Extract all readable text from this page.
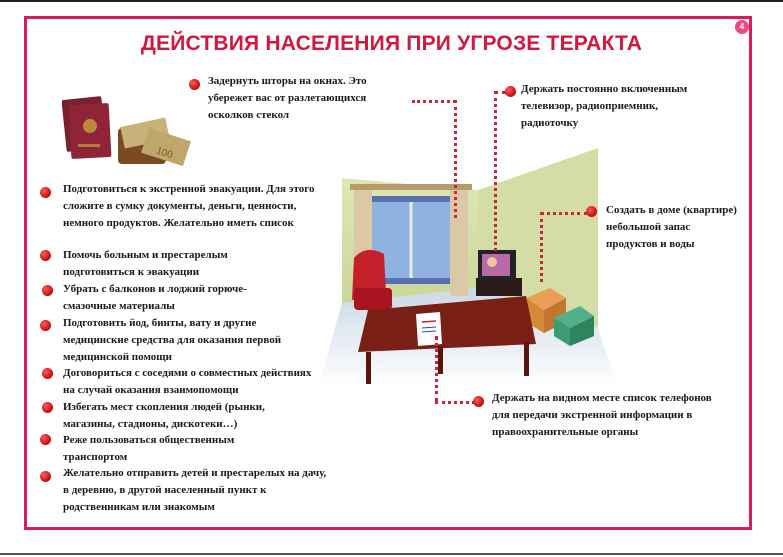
4
ДЕЙСТВИЯ НАСЕЛЕНИЯ ПРИ УГРОЗЕ ТЕРАКТА
100
Подготовиться к экстренной эвакуации. Для этого сложите в сумку документы, деньги, ценности, немного продуктов. Желательно иметь список
Помочь больным и престарелым подготовиться к эвакуации
Убрать с балконов и лоджий горюче-смазочные материалы
Подготовить йод, бинты, вату и другие медицинские средства для оказания первой медицинской помощи
Договориться с соседями о совместных действиях на случай оказания взаимопомощи
Избегать мест скопления людей (рынки, магазины, стадионы, дискотеки…)
Реже пользоваться общественным транспортом
Желательно отправить детей и престарелых на дачу, в деревню, в другой населенный пункт к родственникам или знакомым
Задернуть шторы на окнах. Это убережет вас от разлетающихся осколков стекол
Держать постоянно включенным телевизор, радиоприемник, радиоточку
Создать в доме (квартире) небольшой запас продуктов и воды
Держать на видном месте список телефонов для передачи экстренной информации в правоохранительные органы
